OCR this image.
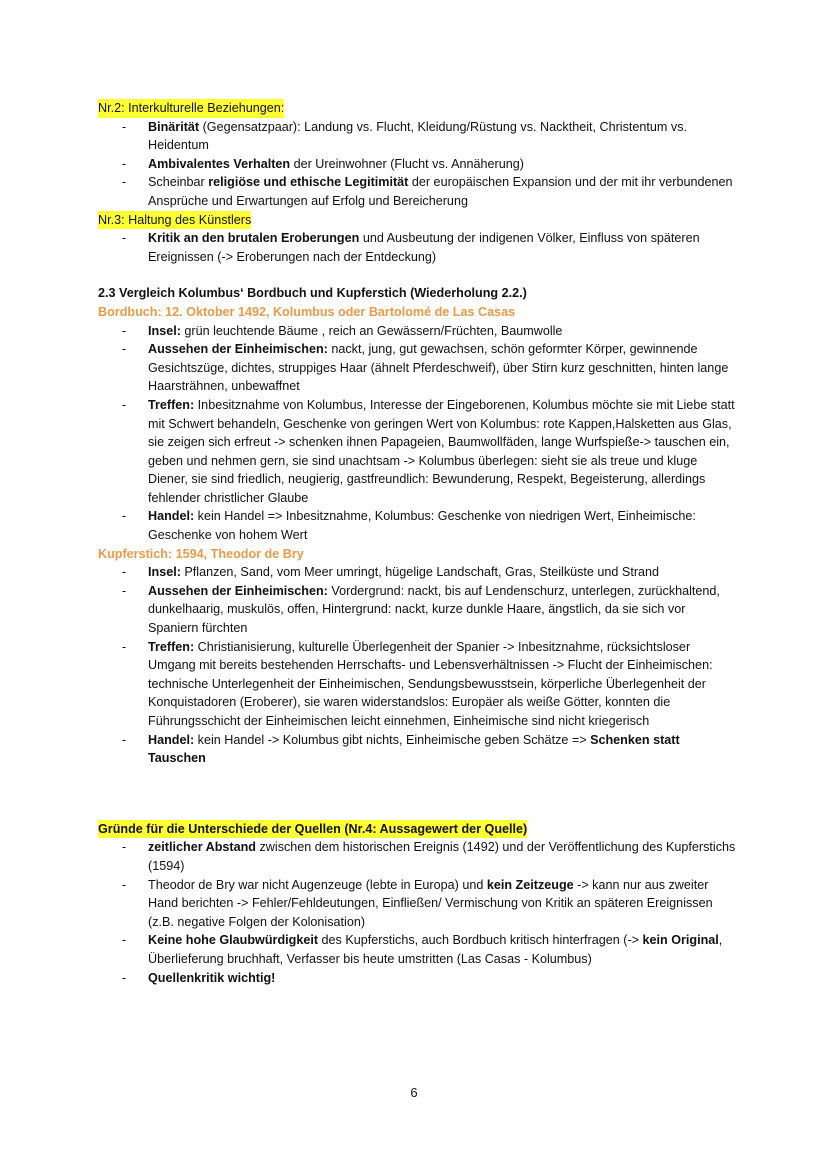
Nr.2: Interkulturelle Beziehungen:
- Binärität (Gegensatzpaar): Landung vs. Flucht, Kleidung/Rüstung vs. Nacktheit, Christentum vs. Heidentum
- Ambivalentes Verhalten der Ureinwohner (Flucht vs. Annäherung)
- Scheinbar religiöse und ethische Legitimität der europäischen Expansion und der mit ihr verbundenen Ansprüche und Erwartungen auf Erfolg und Bereicherung
Nr.3: Haltung des Künstlers
- Kritik an den brutalen Eroberungen und Ausbeutung der indigenen Völker, Einfluss von späteren Ereignissen (-> Eroberungen nach der Entdeckung)
2.3 Vergleich Kolumbus‘ Bordbuch und Kupferstich (Wiederholung 2.2.)
Bordbuch: 12. Oktober 1492, Kolumbus oder Bartolomé de Las Casas
- Insel: grün leuchtende Bäume , reich an Gewässern/Früchten, Baumwolle
- Aussehen der Einheimischen: nackt, jung, gut gewachsen, schön geformter Körper, gewinnende Gesichtszüge, dichtes, struppiges Haar (ähnelt Pferdeschweif), über Stirn kurz geschnitten, hinten lange Haarsträhnen, unbewaffnet
- Treffen: Inbesitznahme von Kolumbus, Interesse der Eingeborenen, Kolumbus möchte sie mit Liebe statt mit Schwert behandeln, Geschenke von geringen Wert von Kolumbus: rote Kappen,Halsketten aus Glas, sie zeigen sich erfreut -> schenken ihnen Papageien, Baumwollfäden, lange Wurfspieße-> tauschen ein, geben und nehmen gern, sie sind unachtsam -> Kolumbus überlegen: sieht sie als treue und kluge Diener, sie sind friedlich, neugierig, gastfreundlich: Bewunderung, Respekt, Begeisterung, allerdings fehlender christlicher Glaube
- Handel: kein Handel => Inbesitznahme, Kolumbus: Geschenke von niedrigen Wert, Einheimische: Geschenke von hohem Wert
Kupferstich: 1594, Theodor de Bry
- Insel: Pflanzen, Sand, vom Meer umringt, hügelige Landschaft, Gras, Steilküste und Strand
- Aussehen der Einheimischen: Vordergrund: nackt, bis auf Lendenschurz, unterlegen, zurückhaltend, dunkelhaarig, muskulös, offen, Hintergrund: nackt, kurze dunkle Haare, ängstlich, da sie sich vor Spaniern fürchten
- Treffen: Christianisierung, kulturelle Überlegenheit der Spanier -> Inbesitznahme, rücksichtsloser Umgang mit bereits bestehenden Herrschafts- und Lebensverhältnissen -> Flucht der Einheimischen: technische Unterlegenheit der Einheimischen, Sendungsbewusstsein, körperliche Überlegenheit der Konquistadoren (Eroberer), sie waren widerstandslos: Europäer als weiße Götter, konnten die Führungsschicht der Einheimischen leicht einnehmen, Einheimische sind nicht kriegerisch
- Handel: kein Handel -> Kolumbus gibt nichts, Einheimische geben Schätze => Schenken statt Tauschen
Gründe für die Unterschiede der Quellen (Nr.4: Aussagewert der Quelle)
- zeitlicher Abstand zwischen dem historischen Ereignis (1492) und der Veröffentlichung des Kupferstichs (1594)
- Theodor de Bry war nicht Augenzeuge (lebte in Europa) und kein Zeitzeuge -> kann nur aus zweiter Hand berichten -> Fehler/Fehldeutungen, Einfließen/ Vermischung von Kritik an späteren Ereignissen (z.B. negative Folgen der Kolonisation)
- Keine hohe Glaubwürdigkeit des Kupferstichs, auch Bordbuch kritisch hinterfragen (-> kein Original, Überlieferung bruchhaft, Verfasser bis heute umstritten (Las Casas - Kolumbus)
- Quellenkritik wichtig!
6
